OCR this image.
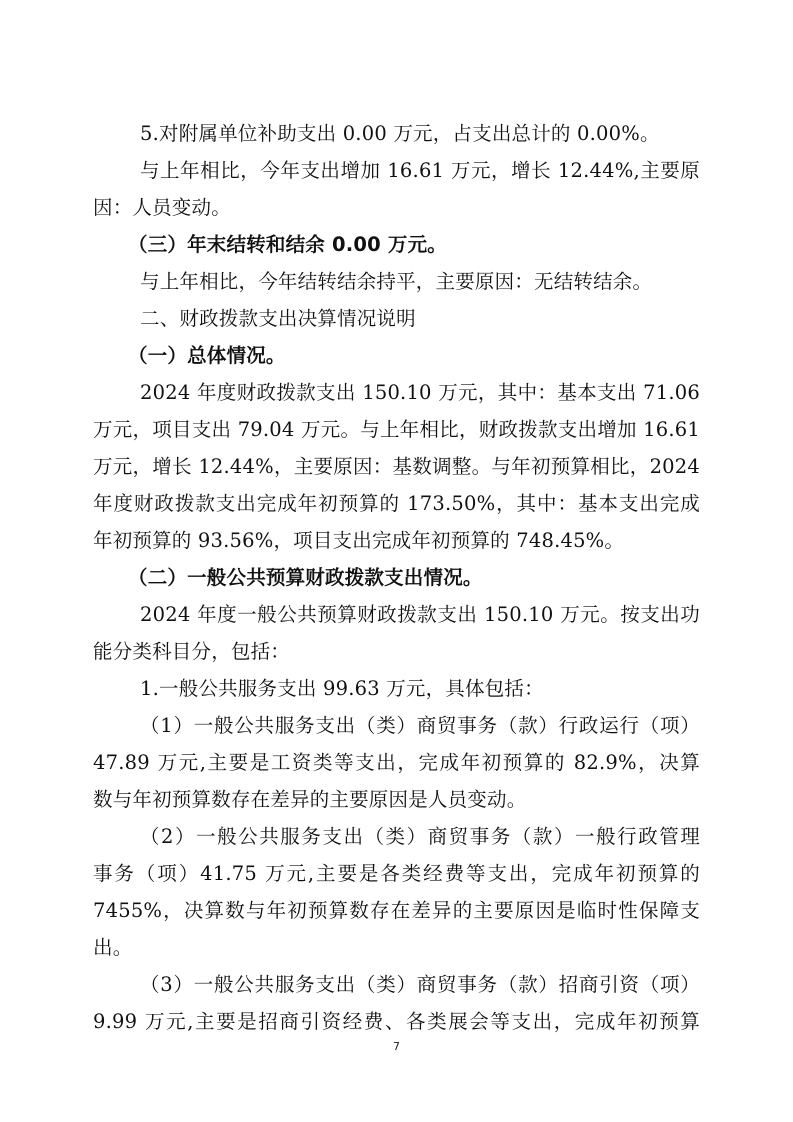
5.对附属单位补助支出 0.00 万元，占支出总计的 0.00%。
与上年相比，今年支出增加 16.61 万元，增长 12.44%,主要原
因：人员变动。
（三）年末结转和结余 0.00 万元。
与上年相比，今年结转结余持平，主要原因：无结转结余。
二、财政拨款支出决算情况说明
（一）总体情况。
2024 年度财政拨款支出 150.10 万元，其中：基本支出 71.06
万元，项目支出 79.04 万元。与上年相比，财政拨款支出增加 16.61
万元，增长 12.44%，主要原因：基数调整。与年初预算相比，2024
年度财政拨款支出完成年初预算的 173.50%，其中：基本支出完成
年初预算的 93.56%，项目支出完成年初预算的 748.45%。
（二）一般公共预算财政拨款支出情况。
2024 年度一般公共预算财政拨款支出 150.10 万元。按支出功
能分类科目分，包括：
1.一般公共服务支出 99.63 万元，具体包括：
（1）一般公共服务支出（类）商贸事务（款）行政运行（项）
47.89 万元,主要是工资类等支出，完成年初预算的 82.9%，决算
数与年初预算数存在差异的主要原因是人员变动。
（2）一般公共服务支出（类）商贸事务（款）一般行政管理
事务（项）41.75 万元,主要是各类经费等支出，完成年初预算的
7455%，决算数与年初预算数存在差异的主要原因是临时性保障支
出。
（3）一般公共服务支出（类）商贸事务（款）招商引资（项）
9.99 万元,主要是招商引资经费、各类展会等支出，完成年初预算
7
